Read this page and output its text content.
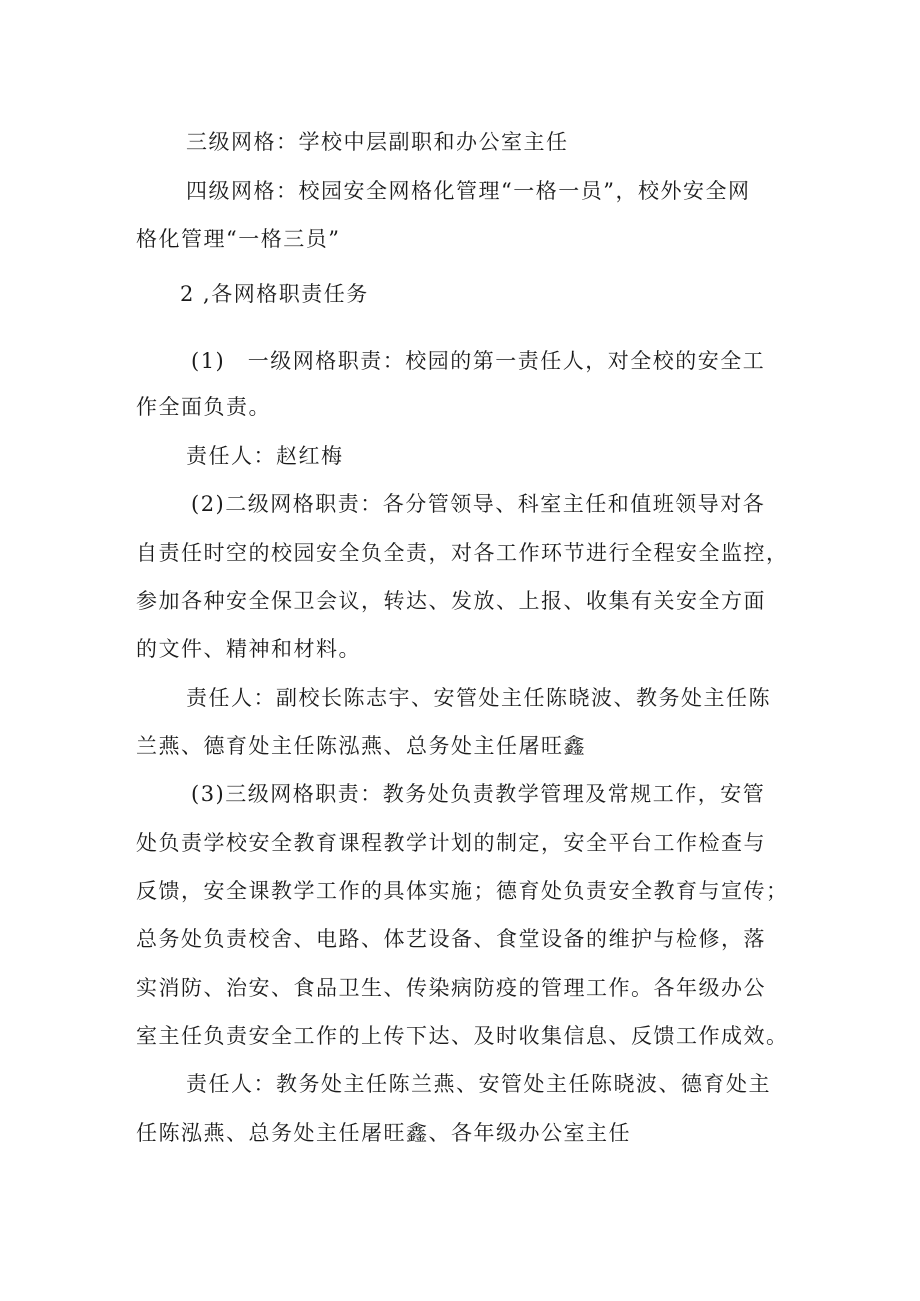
三级网格：学校中层副职和办公室主任
四级网格：校园安全网格化管理“一格一员”，校外安全网
格化管理“一格三员”
2 ,各网格职责任务
(1)　一级网格职责：校园的第一责任人，对全校的安全工
作全面负责。
责任人：赵红梅
(2)二级网格职责：各分管领导、科室主任和值班领导对各
自责任时空的校园安全负全责，对各工作环节进行全程安全监控，
参加各种安全保卫会议，转达、发放、上报、收集有关安全方面
的文件、精神和材料。
责任人：副校长陈志宇、安管处主任陈晓波、教务处主任陈
兰燕、德育处主任陈泓燕、总务处主任屠旺鑫
(3)三级网格职责：教务处负责教学管理及常规工作，安管
处负责学校安全教育课程教学计划的制定，安全平台工作检查与
反馈，安全课教学工作的具体实施；德育处负责安全教育与宣传；
总务处负责校舍、电路、体艺设备、食堂设备的维护与检修，落
实消防、治安、食品卫生、传染病防疫的管理工作。各年级办公
室主任负责安全工作的上传下达、及时收集信息、反馈工作成效。
责任人：教务处主任陈兰燕、安管处主任陈晓波、德育处主
任陈泓燕、总务处主任屠旺鑫、各年级办公室主任
